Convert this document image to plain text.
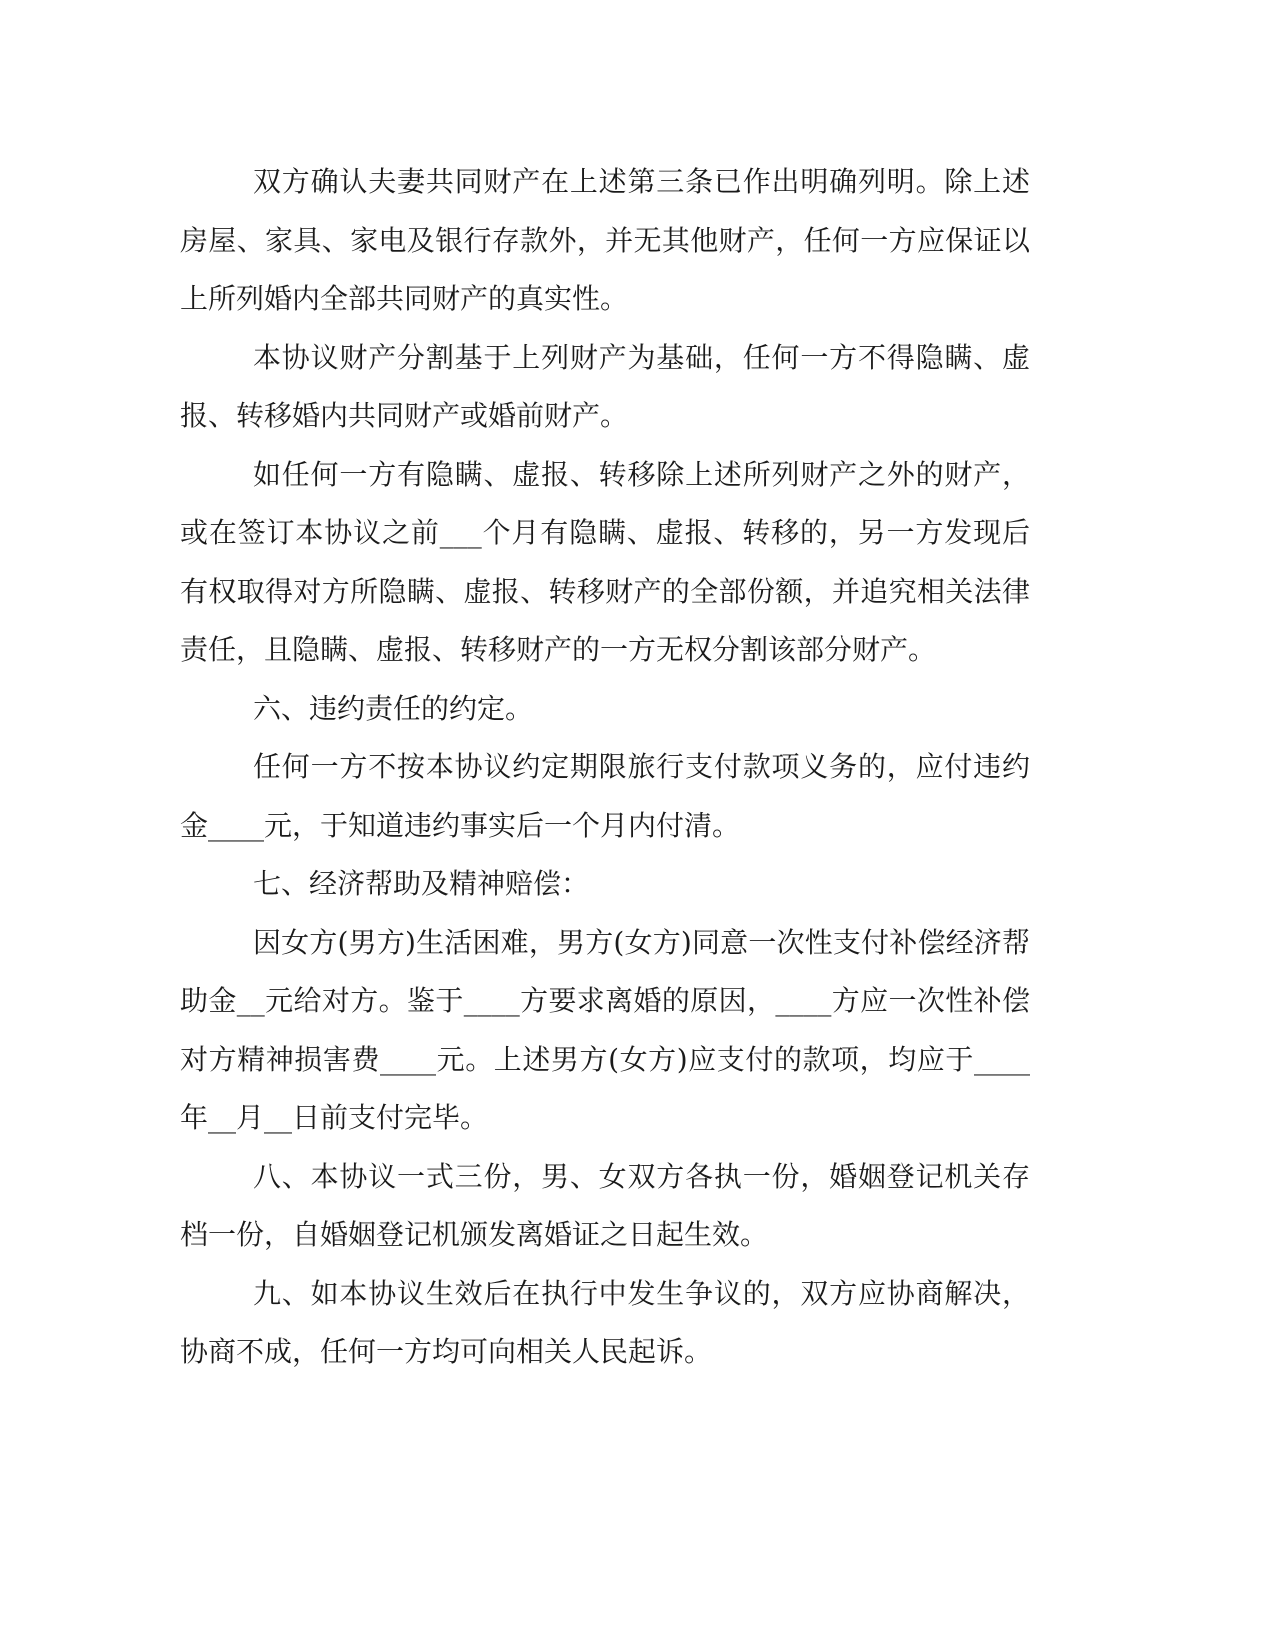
双方确认夫妻共同财产在上述第三条已作出明确列明。除上述房屋、家具、家电及银行存款外，并无其他财产，任何一方应保证以上所列婚内全部共同财产的真实性。

本协议财产分割基于上列财产为基础，任何一方不得隐瞒、虚报、转移婚内共同财产或婚前财产。

如任何一方有隐瞒、虚报、转移除上述所列财产之外的财产，或在签订本协议之前___个月有隐瞒、虚报、转移的，另一方发现后有权取得对方所隐瞒、虚报、转移财产的全部份额，并追究相关法律责任，且隐瞒、虚报、转移财产的一方无权分割该部分财产。

六、违约责任的约定。

任何一方不按本协议约定期限旅行支付款项义务的，应付违约金____元，于知道违约事实后一个月内付清。

七、经济帮助及精神赔偿：

因女方(男方)生活困难，男方(女方)同意一次性支付补偿经济帮助金__元给对方。鉴于____方要求离婚的原因，____方应一次性补偿对方精神损害费____元。上述男方(女方)应支付的款项，均应于____年__月__日前支付完毕。

八、本协议一式三份，男、女双方各执一份，婚姻登记机关存档一份，自婚姻登记机颁发离婚证之日起生效。

九、如本协议生效后在执行中发生争议的，双方应协商解决，协商不成，任何一方均可向相关人民起诉。
